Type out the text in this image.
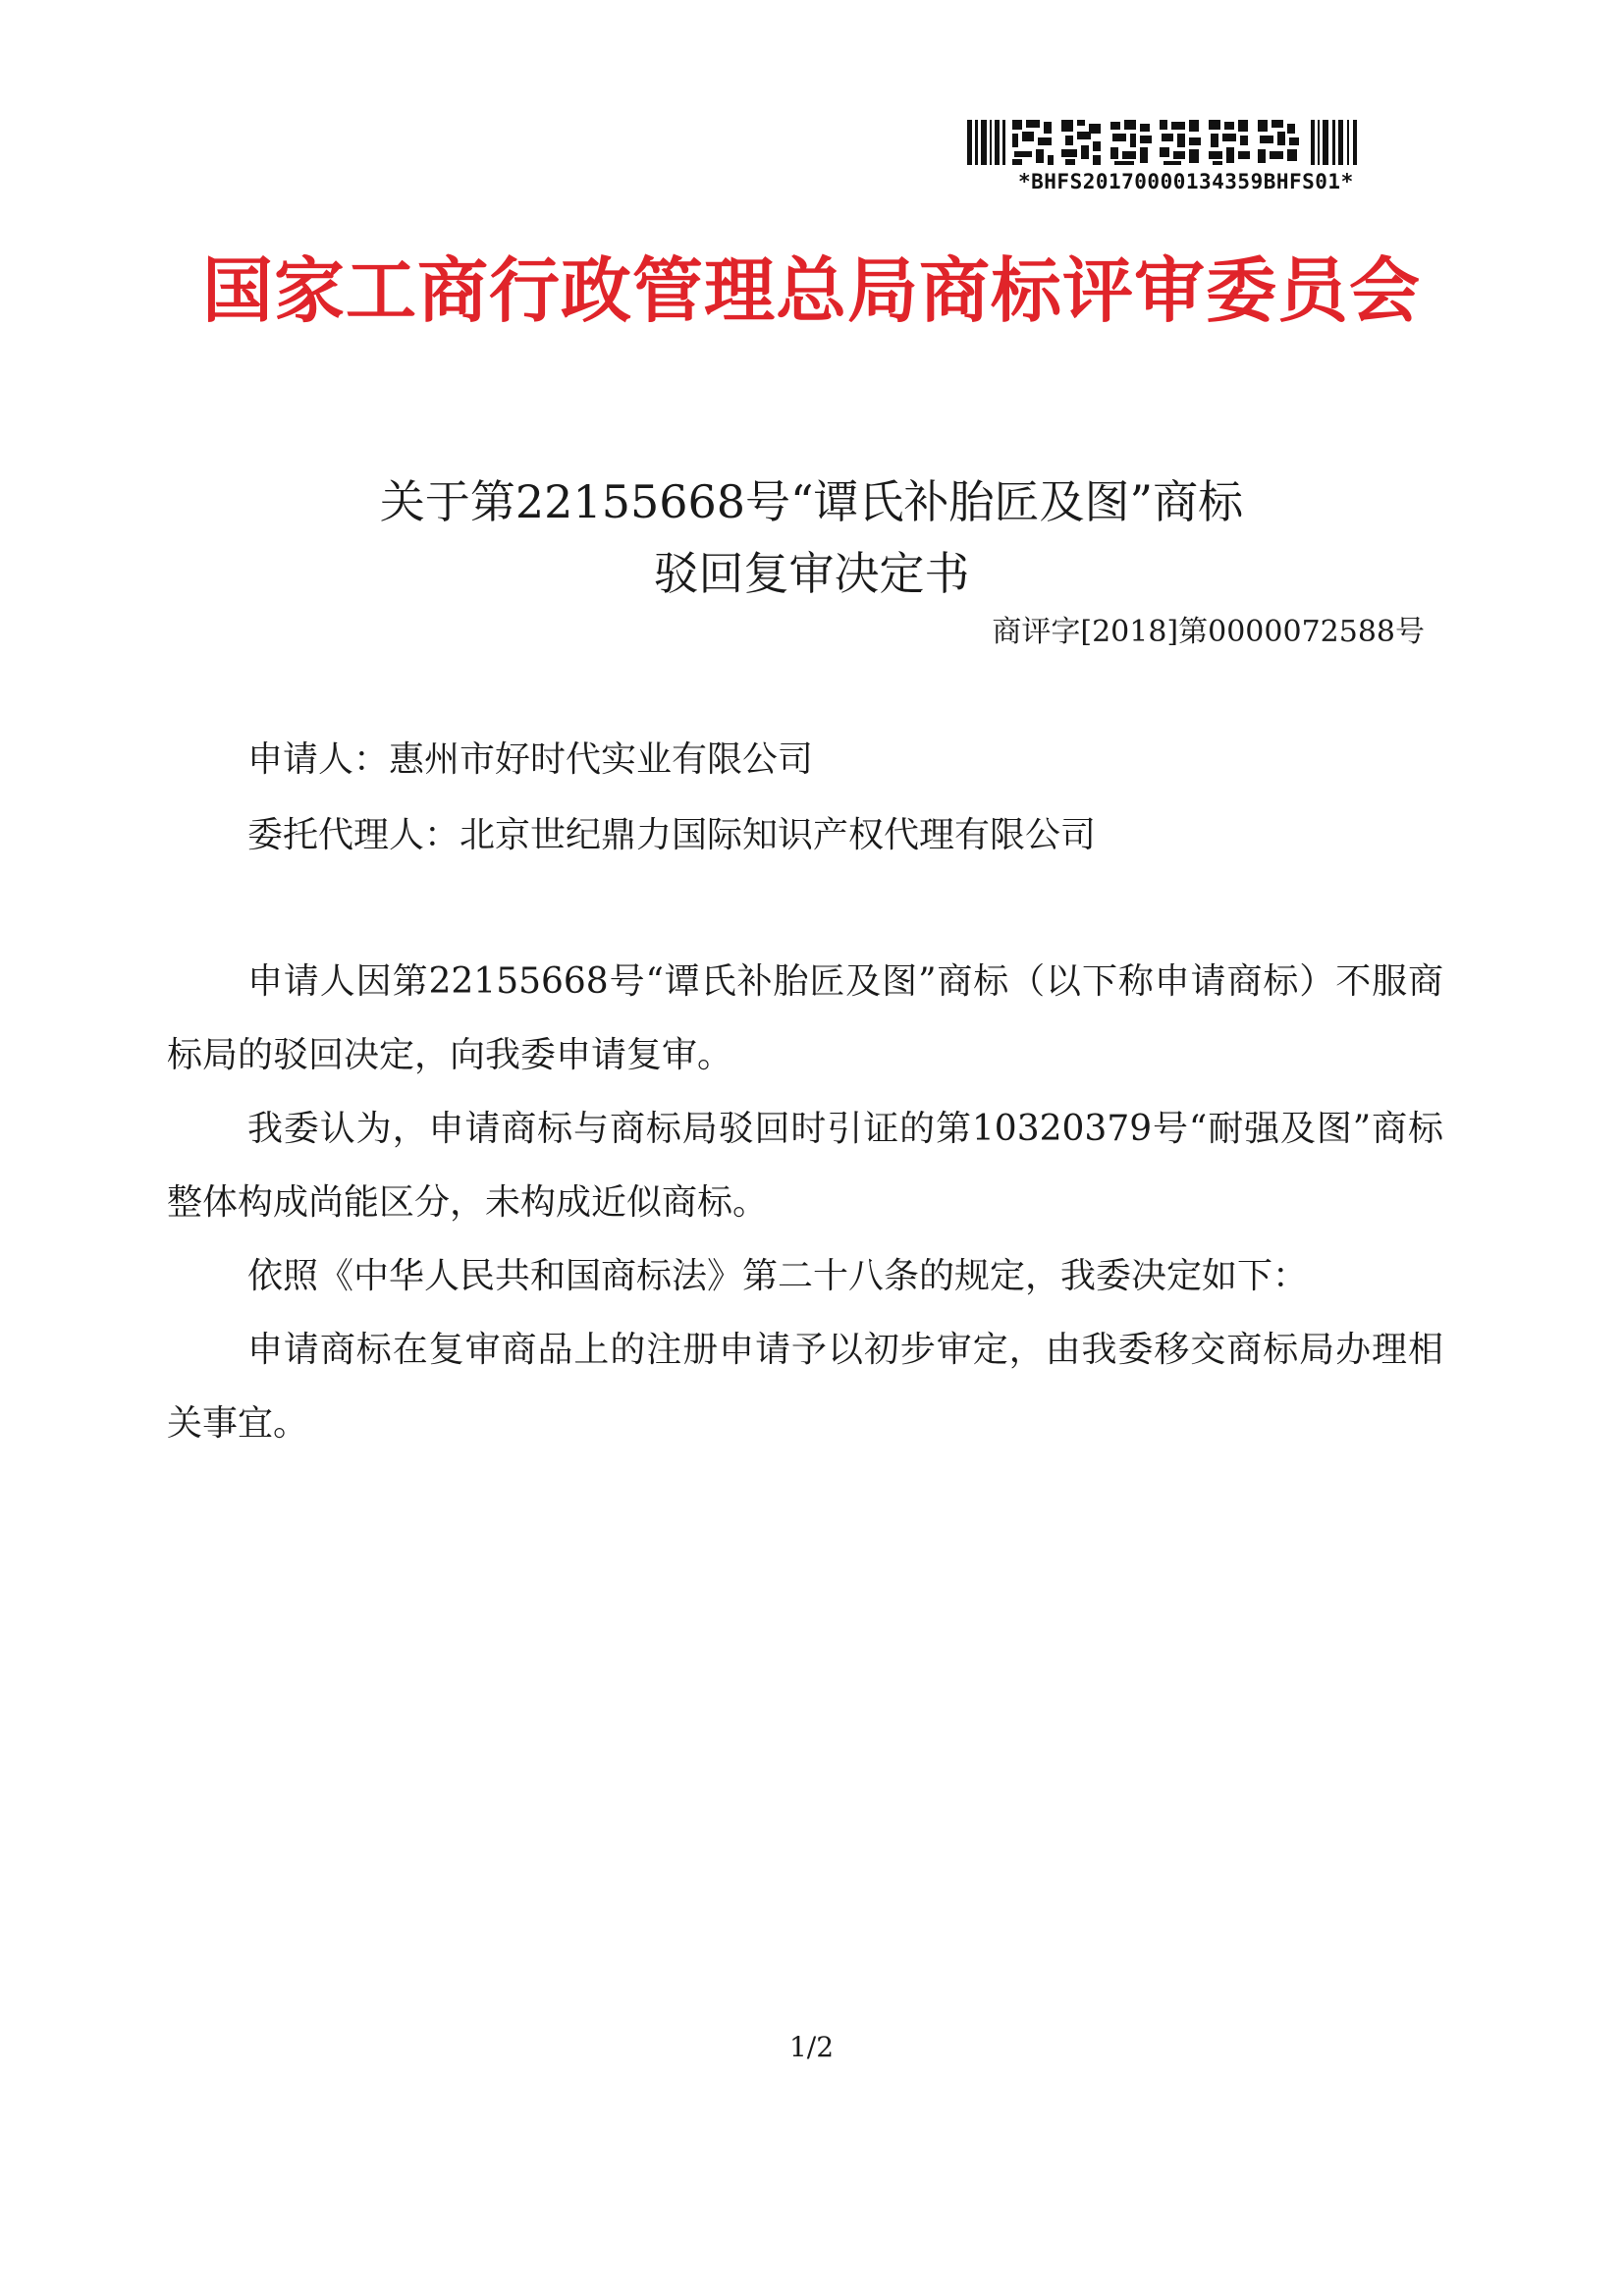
*BHFS20170000134359BHFS01*
国家工商行政管理总局商标评审委员会
关于第22155668号“谭氏补胎匠及图”商标
驳回复审决定书
商评字[2018]第0000072588号
申请人：惠州市好时代实业有限公司
委托代理人：北京世纪鼎力国际知识产权代理有限公司
申请人因第22155668号“谭氏补胎匠及图”商标（以下称申请商标）不服商标局的驳回决定，向我委申请复审。
我委认为，申请商标与商标局驳回时引证的第10320379号“耐强及图”商标整体构成尚能区分，未构成近似商标。
依照《中华人民共和国商标法》第二十八条的规定，我委决定如下：
申请商标在复审商品上的注册申请予以初步审定，由我委移交商标局办理相关事宜。
1/2
